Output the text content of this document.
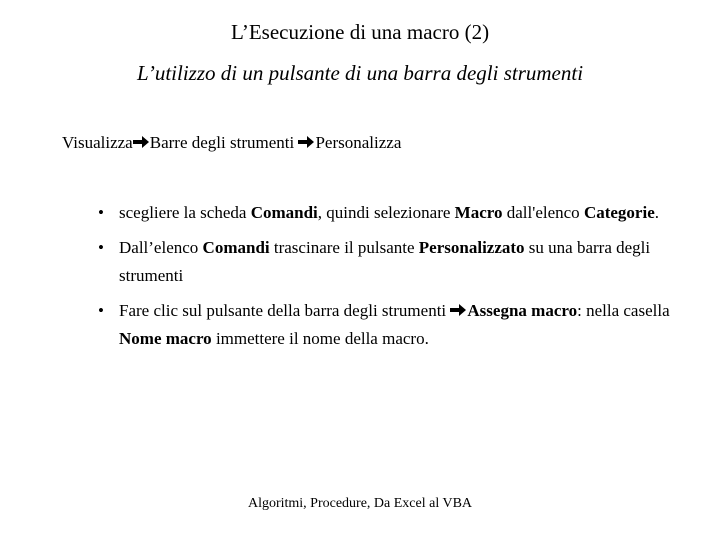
L’Esecuzione di una macro (2)
L’utilizzo di un pulsante di una barra degli strumenti
Visualizza Barre degli strumenti Personalizza
• scegliere la scheda Comandi, quindi selezionare Macro dall'elenco Categorie.
• Dall’elenco Comandi trascinare il pulsante Personalizzato su una barra degli strumenti
• Fare clic sul pulsante della barra degli strumenti Assegna macro: nella casella Nome macro immettere il nome della macro.
Algoritmi, Procedure, Da Excel al VBA
